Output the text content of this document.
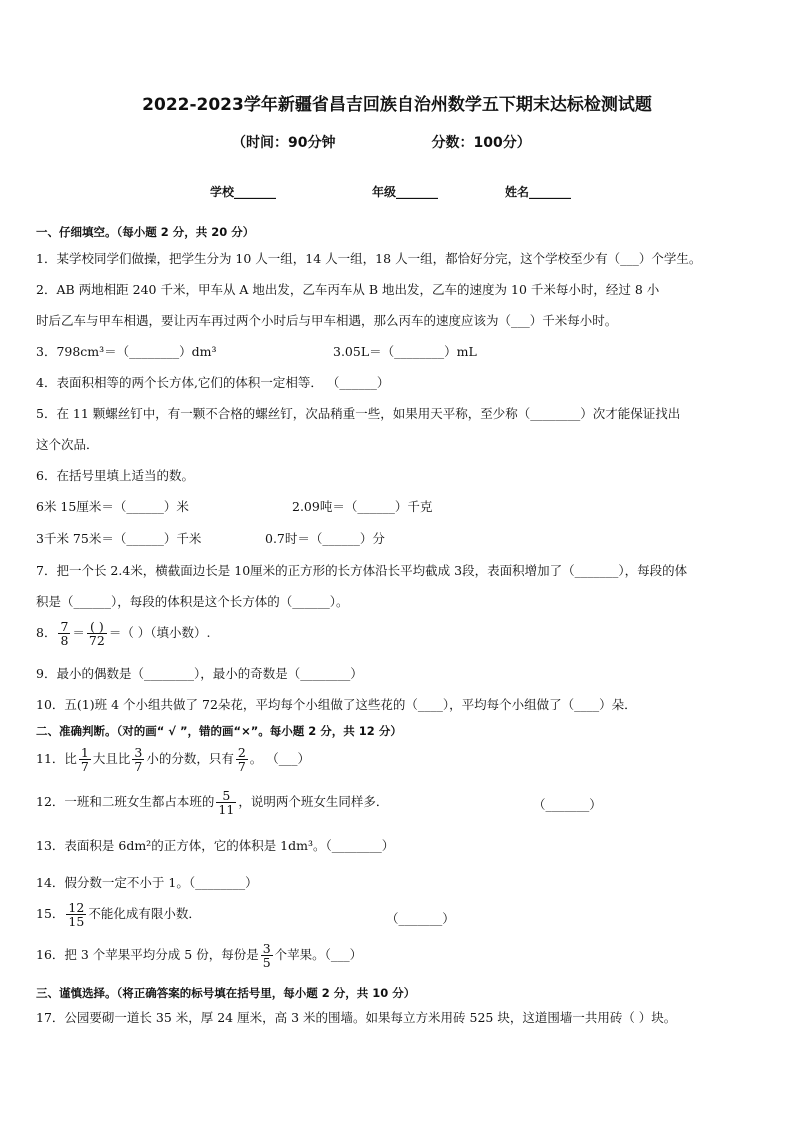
2022-2023学年新疆省昌吉回族自治州数学五下期末达标检测试题
（时间：90分钟	分数：100分）
学校_______	年级_______	姓名_______
一、仔细填空。（每小题 2 分，共 20 分）
1．某学校同学们做操，把学生分为 10 人一组，14 人一组，18 人一组，都恰好分完，这个学校至少有（___）个学生。
2．AB 两地相距 240 千米，甲车从 A 地出发，乙车丙车从 B 地出发，乙车的速度为 10 千米每小时，经过 8 小
时后乙车与甲车相遇，要让丙车再过两个小时后与甲车相遇，那么丙车的速度应该为（___）千米每小时。
3．798cm³＝（________）dm³	3.05L＝（________）mL
4．表面积相等的两个长方体,它们的体积一定相等． （______）
5．在 11 颗螺丝钉中，有一颗不合格的螺丝钉，次品稍重一些，如果用天平称，至少称（________）次才能保证找出
这个次品．
6．在括号里填上适当的数。
6米 15厘米＝（______）米	2.09吨＝（______）千克
3千米 75米＝（______）千米	0.7时＝（______）分
7．把一个长 2.4米，横截面边长是 10厘米的正方形的长方体沿长平均截成 3段，表面积增加了（_______），每段的体
积是（______），每段的体积是这个长方体的（______）。
8． $\frac{7}{8} = \frac{( )}{72}$ ＝（ ）（填小数）.
9．最小的偶数是（________），最小的奇数是（________）
10．五(1)班 4 个小组共做了 72朵花，平均每个小组做了这些花的（____），平均每个小组做了（____）朵．
二、准确判断。（对的画“ √ ”，错的画“×”。每小题 2 分，共 12 分）
11．比 $\frac{1}{7}$ 大且比 $\frac{3}{7}$ 小的分数，只有 $\frac{2}{7}$ 。 （___）
12．一班和二班女生都占本班的 $\frac{5}{11}$ ，说明两个班女生同样多．	（_______）
13．表面积是 6dm²的正方体，它的体积是 1dm³。（________）
14．假分数一定不小于 1。（________）
15． $\frac{12}{15}$ 不能化成有限小数．	（_______）
16．把 3 个苹果平均分成 5 份，每份是 $\frac{3}{5}$ 个苹果。（___）
三、谨慎选择。（将正确答案的标号填在括号里，每小题 2 分，共 10 分）
17．公园要砌一道长 35 米，厚 24 厘米，高 3 米的围墙。如果每立方米用砖 525 块，这道围墙一共用砖（ ）块。
